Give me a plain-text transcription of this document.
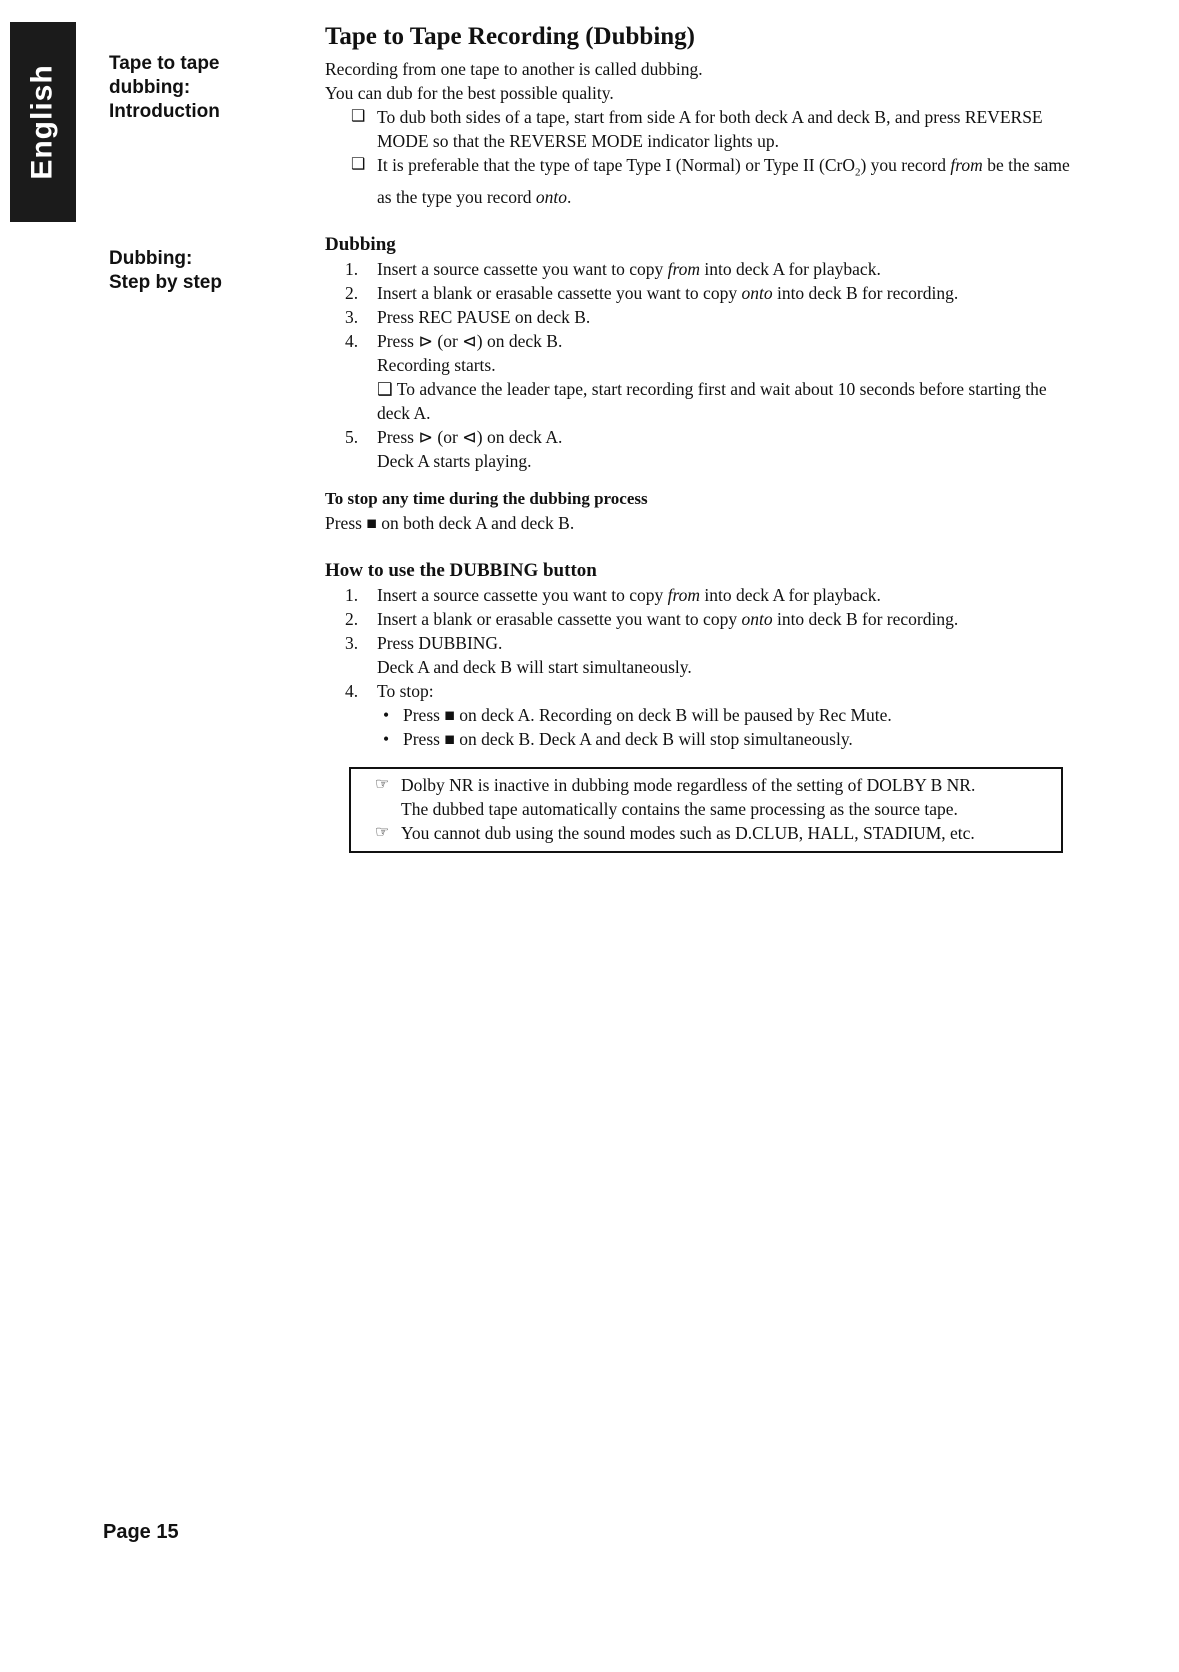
English
Tape to tape
dubbing:
Introduction
Dubbing:
Step by step
Page 15
Tape to Tape Recording (Dubbing)

Recording from one tape to another is called dubbing.

You can dub for the best possible quality.

❑ To dub both sides of a tape, start from side A for both deck A and deck B, and press REVERSE MODE so that the REVERSE MODE indicator lights up.
❑ It is preferable that the type of tape Type I (Normal) or Type II (CrO$_2$) you record from be the same as the type you record onto.
Dubbing
1.	Insert a source cassette you want to copy from into deck A for playback.
2.	Insert a blank or erasable cassette you want to copy onto into deck B for recording.
3.	Press REC PAUSE on deck B.
4.	Press ⊳ (or ⊲) on deck B.
Recording starts.
❑ To advance the leader tape, start recording first and wait about 10 seconds before starting the deck A.
5.	Press ⊳ (or ⊲) on deck A.
Deck A starts playing.
To stop any time during the dubbing process

Press ■ on both deck A and deck B.

How to use the DUBBING button
1.	Insert a source cassette you want to copy from into deck A for playback.
2.	Insert a blank or erasable cassette you want to copy onto into deck B for recording.
3.	Press DUBBING.
Deck A and deck B will start simultaneously.
4.	To stop:
• Press ■ on deck A. Recording on deck B will be paused by Rec Mute.
• Press ■ on deck B. Deck A and deck B will stop simultaneously.
☞ Dolby NR is inactive in dubbing mode regardless of the setting of DOLBY B NR.
The dubbed tape automatically contains the same processing as the source tape.
☞ You cannot dub using the sound modes such as D.CLUB, HALL, STADIUM, etc.
